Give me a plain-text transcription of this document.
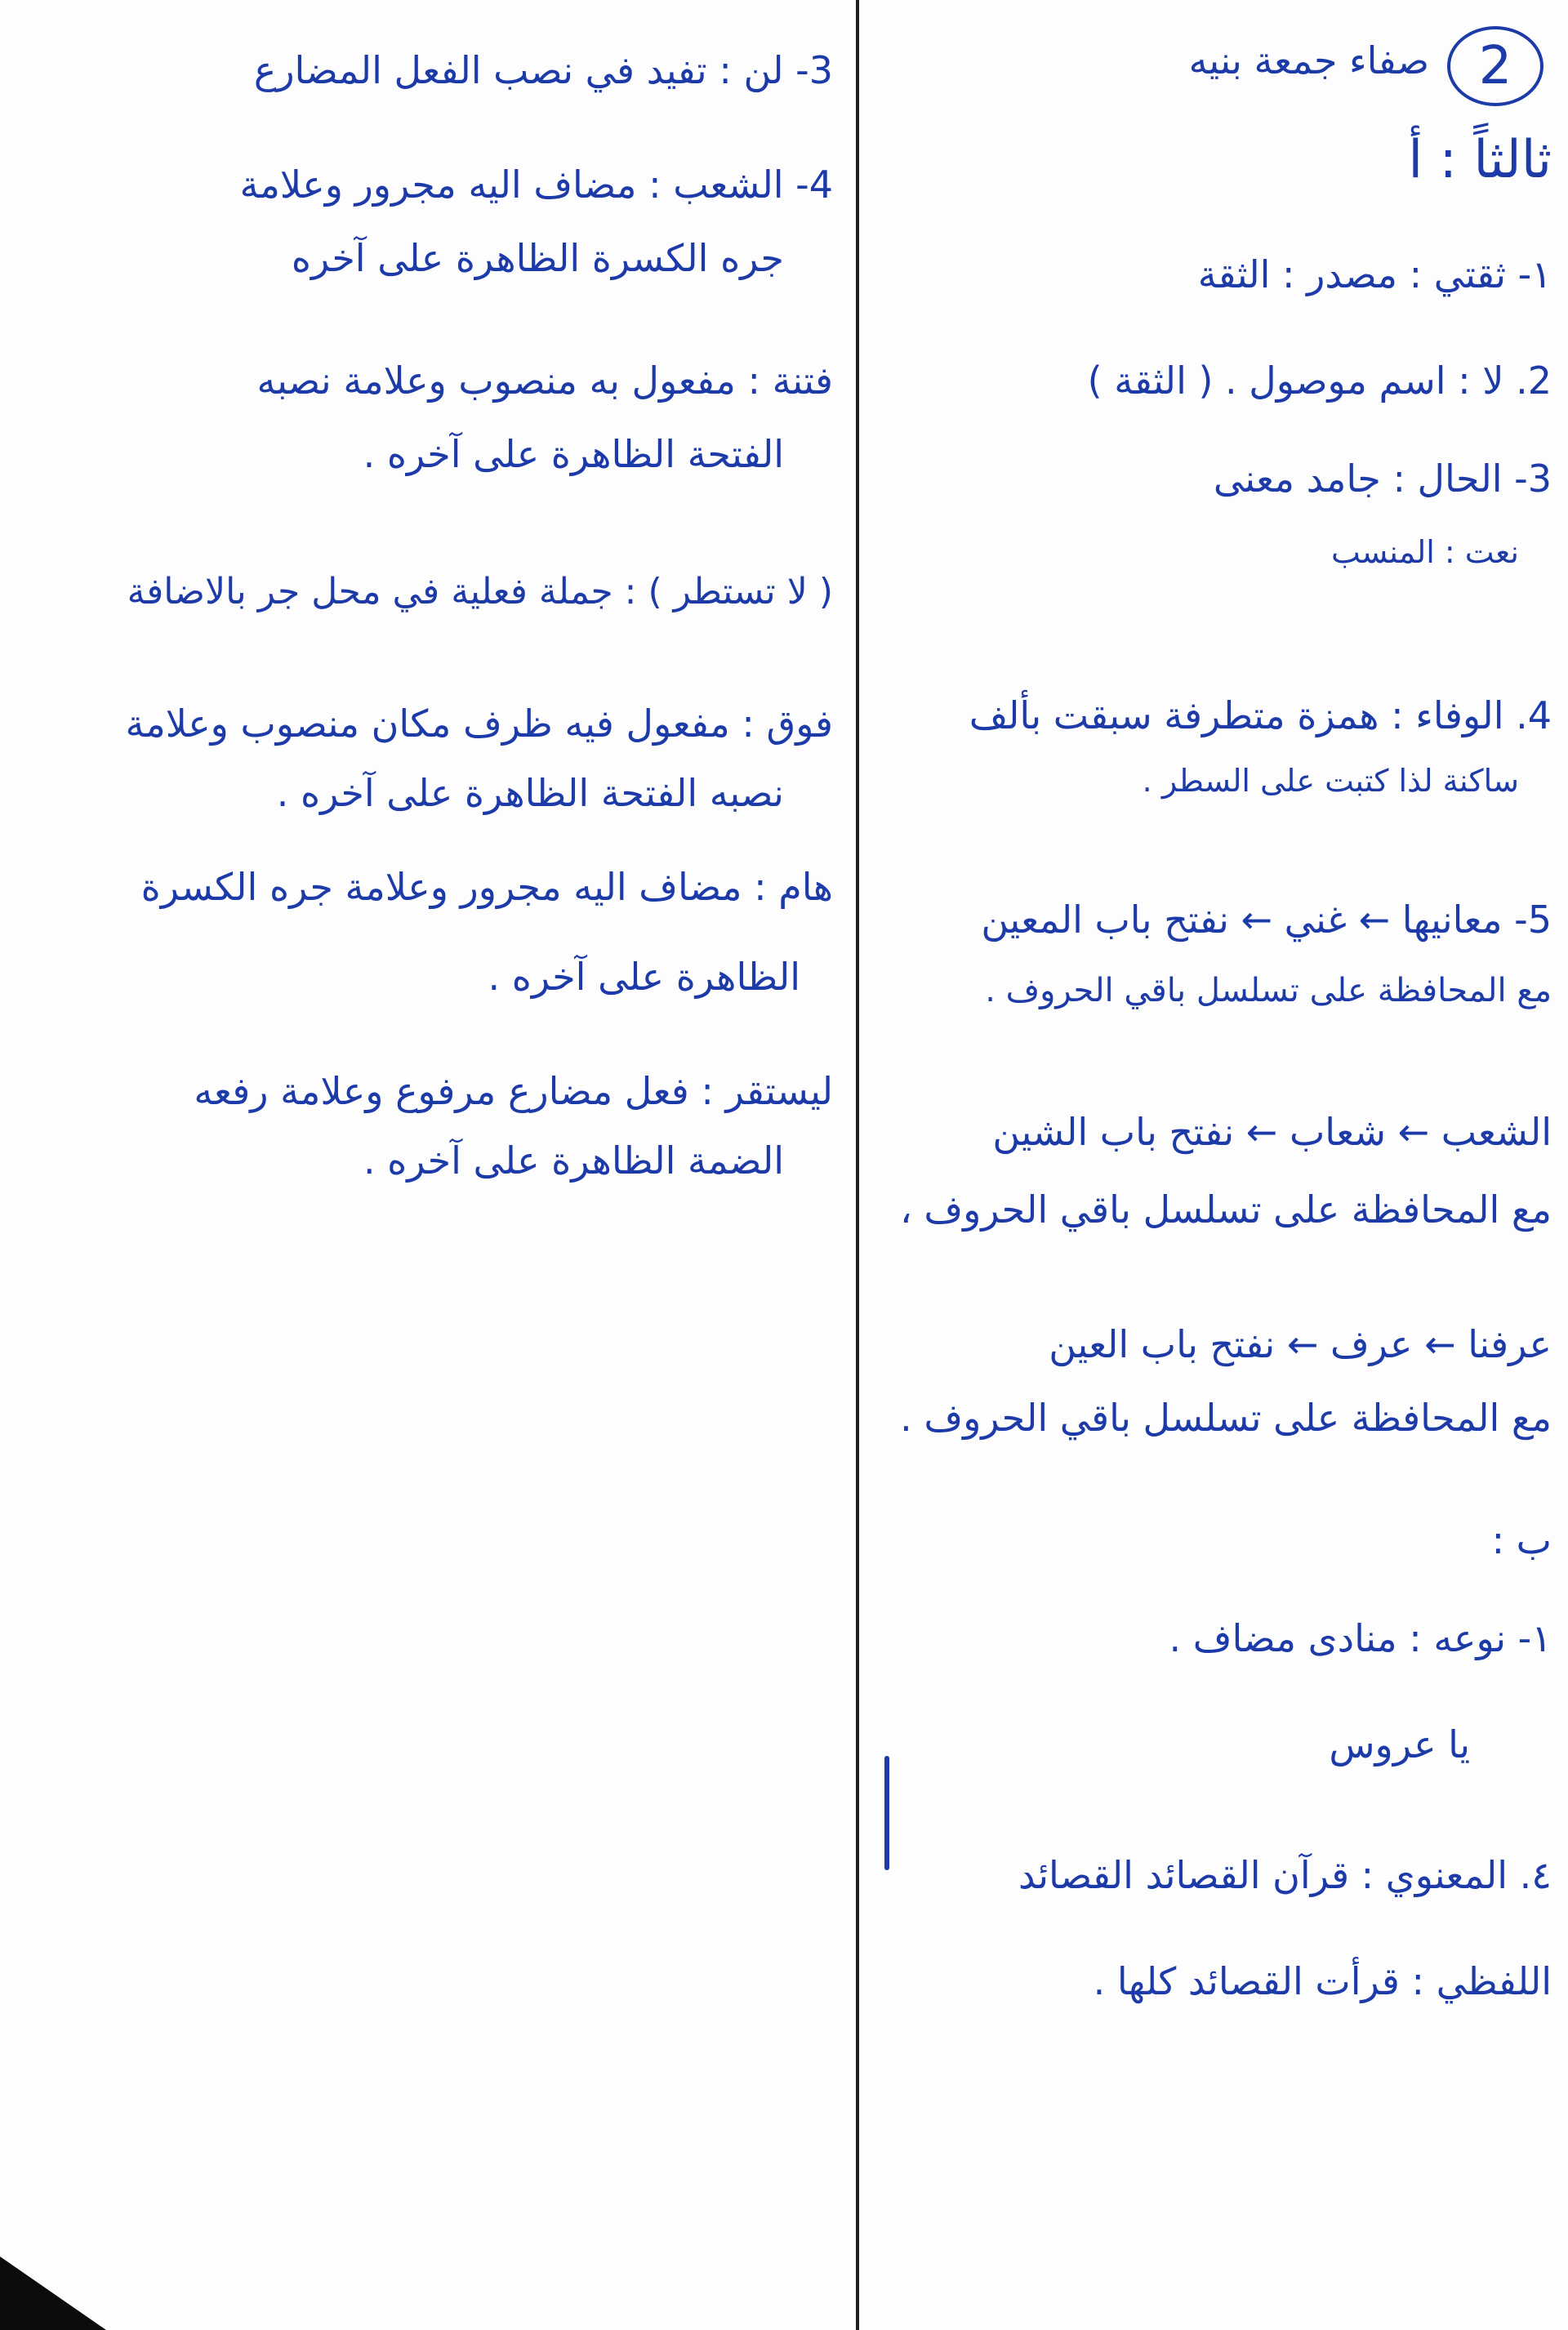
2
صفاء جمعة بنيه
ثالثاً : أ
١- ثقتي : مصدر : الثقة
2. لا : اسم موصول . ( الثقة )
3- الحال : جامد معنى
نعت : المنسب
4. الوفاء : همزة متطرفة سبقت بألف
ساكنة لذا كتبت على السطر .
5- معانيها ← غني ← نفتح باب المعين
مع المحافظة على تسلسل باقي الحروف .
الشعب ← شعاب ← نفتح باب الشين
مع المحافظة على تسلسل باقي الحروف ،
عرفنا ← عرف ← نفتح باب العين
مع المحافظة على تسلسل باقي الحروف .
ب :
١- نوعه : منادى مضاف .
يا عروس
٤. المعنوي : قرآن القصائد القصائد
اللفظي : قرأت القصائد كلها .
3- لن : تفيد في نصب الفعل المضارع
4- الشعب : مضاف اليه مجرور وعلامة
جره الكسرة الظاهرة على آخره
فتنة : مفعول به منصوب وعلامة نصبه
الفتحة الظاهرة على آخره .
( لا تستطر ) : جملة فعلية في محل جر بالاضافة
فوق : مفعول فيه ظرف مكان منصوب وعلامة
نصبه الفتحة الظاهرة على آخره .
هام : مضاف اليه مجرور وعلامة جره الكسرة
الظاهرة على آخره .
ليستقر : فعل مضارع مرفوع وعلامة رفعه
الضمة الظاهرة على آخره .
